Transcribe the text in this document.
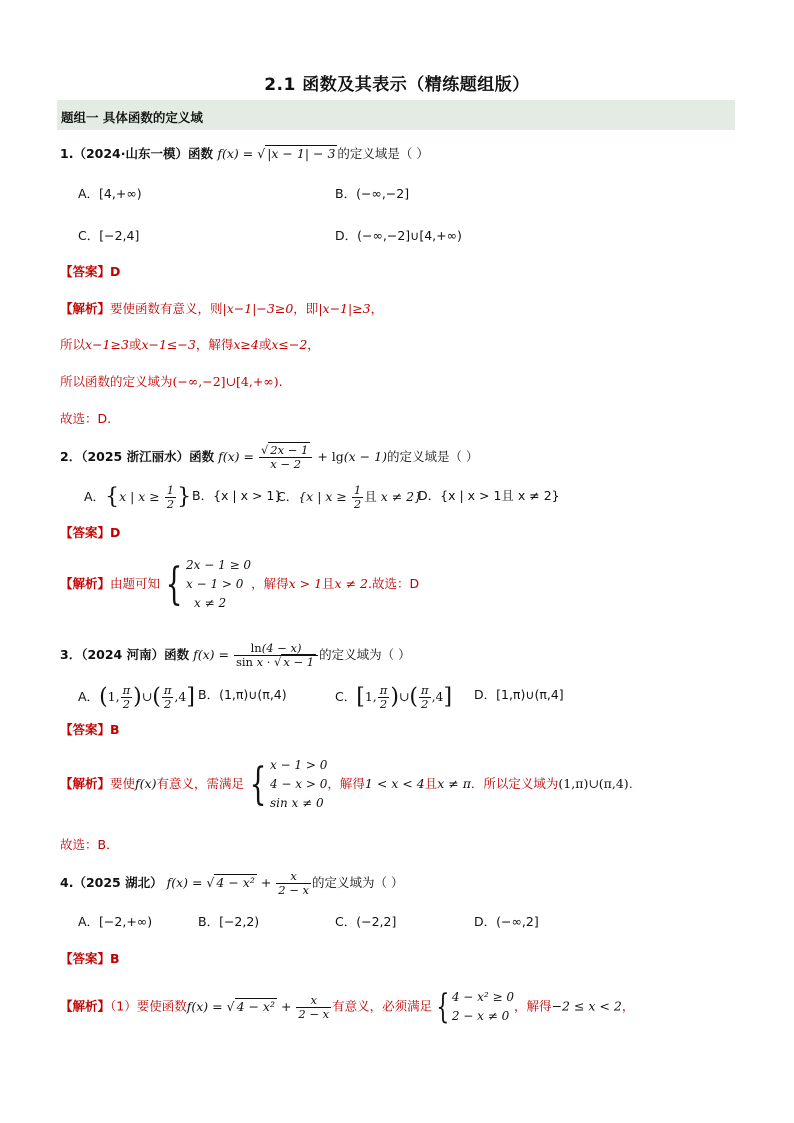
2.1 函数及其表示（精练题组版）
题组一 具体函数的定义域
1.（2024·山东一模）函数 f(x) = √ |x − 1| − 3 的定义域是（ ）
A．[4,+∞)	B．(−∞,−2]
C．[−2,4]	D．(−∞,−2]∪[4,+∞)
【答案】D
【解析】要使函数有意义，则|x−1|−3≥0，即|x−1|≥3，
所以x−1≥3或x−1≤−3，解得x≥4或x≤−2，
所以函数的定义域为(−∞,−2]∪[4,+∞).
故选：D.
2．（2025 浙江丽水）函数 $f(x) = \frac{√ 2x - 1}{x - 2} + \lg(x - 1)$的定义域是（ ）
A．{x | $x \ge \frac{1}{2}$ } B．{x | x > 1}
C．{x | $x \ge \frac{1}{2}$ 且 x ≠ 2}
D．{x | x > 1且 x ≠ 2}
【答案】D
【解析】由题可知 { 2x − 1 ≥ 0
x − 1 > 0
x ≠ 2
，解得x > 1且x ≠ 2.故选：D
3．（2024 河南）函数 $f(x) = \frac{\ln(4 - x)}{\text{sin x · √ x − 1}}$ 的定义域为（ ）
A．(1, $\frac{\pi}{2}$ )∪( $\frac{\pi}{2} ,4$] B．(1,π)∪(π,4)	C．[1, $\frac{\pi}{2}$ )∪( $\frac{\pi}{2} ,4$] D．[1,π)∪(π,4]
【答案】B
【解析】要使f(x)有意义，需满足 { x − 1 > 0
4 − x > 0
sin x ≠ 0
，解得1 < x < 4且x ≠ π．所以定义域为(1,π)∪(π,4).
故选：B．
4.（2025 湖北） f(x) = √ $4 - x^2 + \frac{x}{2 - x}$ 的定义域为（ ）
A．[−2,+∞)	B．[−2,2)	C．(−2,2]	D．(−∞,2]
【答案】B
【解析】（1）要使函数f(x) = √ $4 - x^2 + \frac{x}{2 - x}$ 有意义，必须满足 { 4 − x² ≥ 0
2 − x ≠ 0
，解得−2 ≤ x < 2，
